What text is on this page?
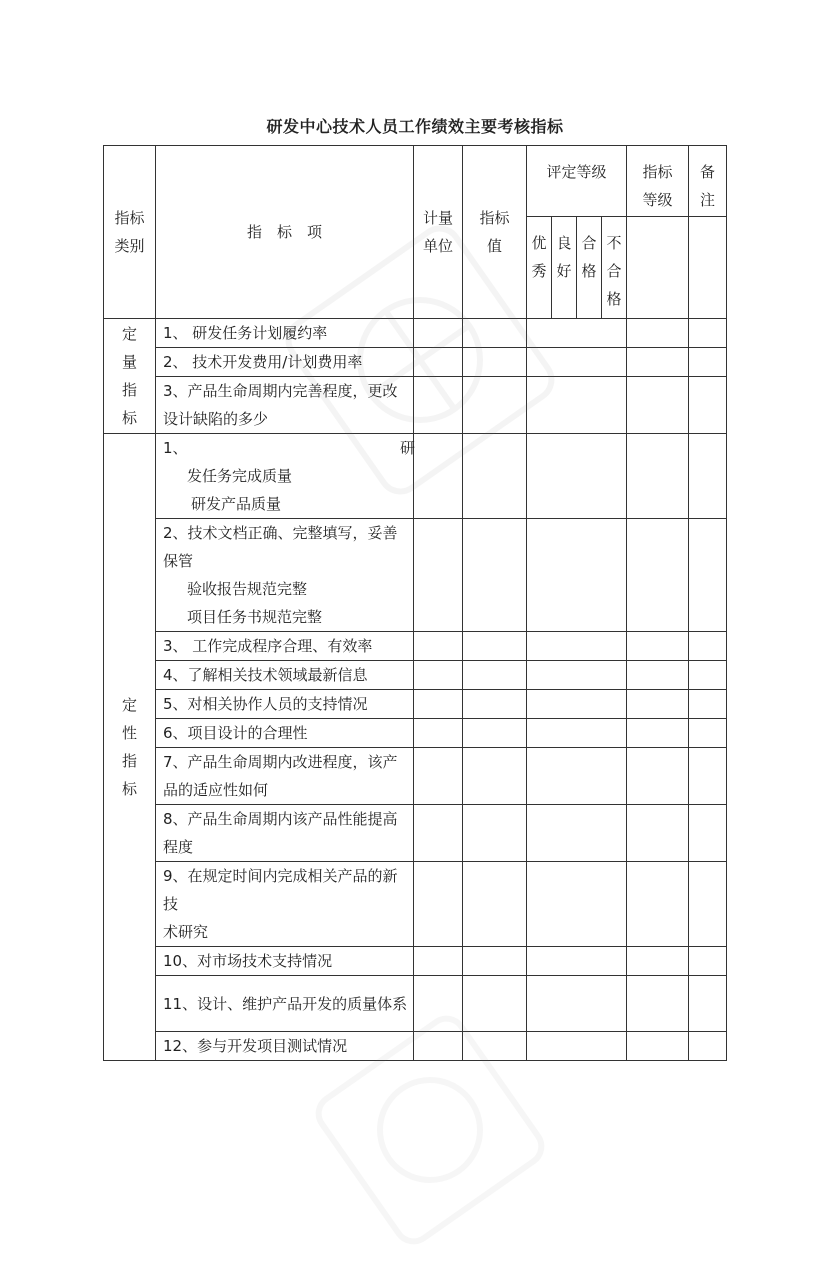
研发中心技术人员工作绩效主要考核指标
指标类别	指　标　项	计量单位	指标值	评定等级				指标等级	备注
				优秀	良好	合格	不合格		
定量指标	1、 研发任务计划履约率								
	2、 技术开发费用/计划费用率								
	3、产品生命周期内完善程度，更改设计缺陷的多少								
定性指标	1、 研
发任务完成质量
研发产品质量								

	2、技术文档正确、完整填写，妥善保管
验收报告规范完整
项目任务书规范完整								

	3、 工作完成程序合理、有效率								
	4、了解相关技术领域最新信息								
	5、对相关协作人员的支持情况								
	6、项目设计的合理性								
	7、产品生命周期内改进程度，该产品的适应性如何								
	8、产品生命周期内该产品性能提高程度								

	9、在规定时间内完成相关产品的新技
术研究								

	10、对市场技术支持情况								
	11、设计、维护产品开发的质量体系								
	12、参与开发项目测试情况								
